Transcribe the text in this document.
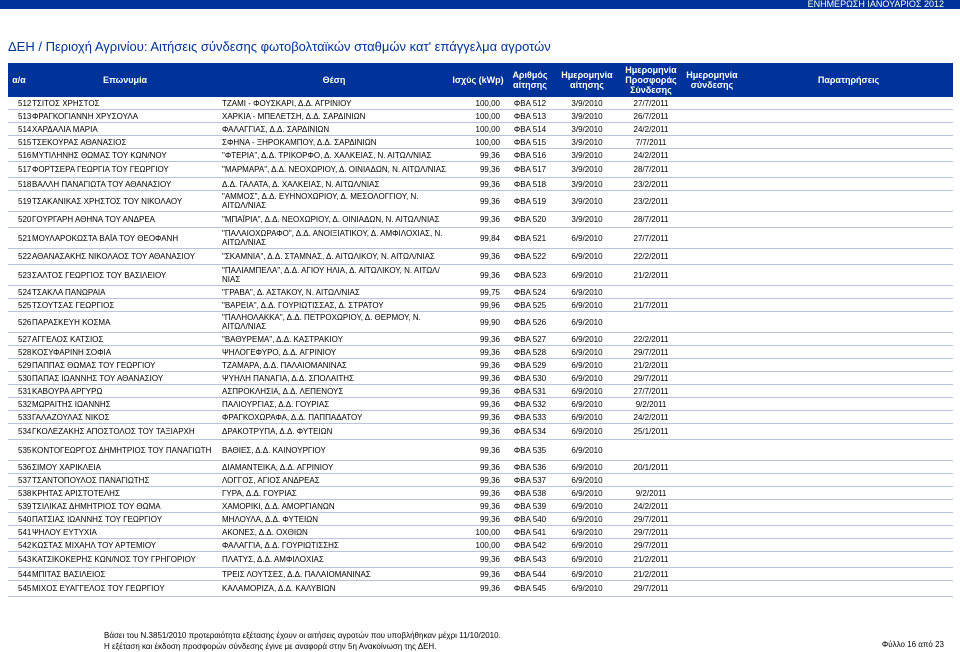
ΕΝΗΜΕΡΩΣΗ ΙΑΝΟΥΑΡΙΟΣ 2012
ΔΕΗ / Περιοχή Αγρινίου: Αιτήσεις σύνδεσης φωτοβολταϊκών σταθμών κατ' επάγγελμα αγροτών
α/α	Επωνυμία	Θέση	Ισχύς (kWp)	Αριθμός αίτησης	Ημερομηνία αίτησης	Ημερομηνία Προσφοράς Σύνδεσης	Ημερομηνία σύνδεσης	Παρατηρήσεις
512	ΤΣΙΤΟΣ ΧΡΗΣΤΟΣ	ΤΖΑΜΙ - ΦΟΥΣΚΑΡΙ, Δ.Δ. ΑΓΡΙΝΙΟΥ	100,00	ΦΒΑ 512	3/9/2010	27/7/2011		
513	ΦΡΑΓΚΟΓΙΑΝΝΗ ΧΡΥΣΟΥΛΑ	ΧΑΡΚΙΑ - ΜΠΕΛΕΤΣΗ, Δ.Δ. ΣΑΡΔΙΝΙΩΝ	100,00	ΦΒΑ 513	3/9/2010	26/7/2011		
514	ΧΑΡΔΑΛΙΑ ΜΑΡΙΑ	ΦΑΛΑΓΓΙΑΣ, Δ.Δ. ΣΑΡΔΙΝΙΩΝ	100,00	ΦΒΑ 514	3/9/2010	24/2/2011		
515	ΤΣΕΚΟΥΡΑΣ ΑΘΑΝΑΣΙΟΣ	ΣΦΗΝΑ - ΞΗΡΟΚΑΜΠΟΥ, Δ.Δ. ΣΑΡΔΙΝΙΩΝ	100,00	ΦΒΑ 515	3/9/2010	7/7/2011		
516	ΜΥΤΙΛΗΝΗΣ ΘΩΜΑΣ ΤΟΥ ΚΩΝ/ΝΟΥ	"ΦΤΕΡΙΑ", Δ.Δ. ΤΡΙΚΟΡΦΟ, Δ. ΧΑΛΚΕΙΑΣ, Ν. ΑΙΤΩΛ/ΝΙΑΣ	99,36	ΦΒΑ 516	3/9/2010	24/2/2011		
517	ΦΟΡΤΣΕΡΑ ΓΕΩΡΓΙΑ ΤΟΥ ΓΕΩΡΓΙΟΥ	"ΜΑΡΜΑΡΑ", Δ.Δ. ΝΕΟΧΩΡΙΟΥ, Δ. ΟΙΝΙΑΔΩΝ, Ν. ΑΙΤΩΛ/ΝΙΑΣ	99,36	ΦΒΑ 517	3/9/2010	28/7/2011		
518	ΒΑΛΛΗ ΠΑΝΑΓΙΩΤΑ ΤΟΥ ΑΘΑΝΑΣΙΟΥ	Δ.Δ. ΓΑΛΑΤΑ, Δ. ΧΑΛΚΕΙΑΣ, Ν. ΑΙΤΩΛ/ΝΙΑΣ	99,36	ΦΒΑ 518	3/9/2010	23/2/2011		
519	ΤΣΑΚΑΝΙΚΑΣ ΧΡΗΣΤΟΣ ΤΟΥ ΝΙΚΟΛΑΟΥ	"ΑΜΜΟΣ", Δ.Δ. ΕΥΗΝΟΧΩΡΙΟΥ, Δ. ΜΕΣΟΛΟΓΓΙΟΥ, Ν. ΑΙΤΩΛ/ΝΙΑΣ	99,36	ΦΒΑ 519	3/9/2010	23/2/2011		
520	ΓΟΥΡΓΑΡΗ ΑΘΗΝΑ ΤΟΥ ΑΝΔΡΕΑ	"ΜΠΑΪΡΙΑ", Δ.Δ. ΝΕΟΧΩΡΙΟΥ, Δ. ΟΙΝΙΑΔΩΝ, Ν. ΑΙΤΩΛ/ΝΙΑΣ	99,36	ΦΒΑ 520	3/9/2010	28/7/2011		
521	ΜΟΥΛΑΡΟΚΩΣΤΑ ΒΑΪΑ ΤΟΥ ΘΕΟΦΑΝΗ	"ΠΑΛΑΙΟΧΩΡΑΦΟ", Δ.Δ. ΑΝΟΙΞΙΑΤΙΚΟΥ, Δ. ΑΜΦΙΛΟΧΙΑΣ, Ν. ΑΙΤΩΛ/ΝΙΑΣ	99,84	ΦΒΑ 521	6/9/2010	27/7/2011		
522	ΑΘΑΝΑΣΑΚΗΣ ΝΙΚΟΛΑΟΣ ΤΟΥ ΑΘΑΝΑΣΙΟΥ	"ΣΚΑΜΝΙΑ", Δ.Δ. ΣΤΑΜΝΑΣ, Δ. ΑΙΤΩΛΙΚΟΥ, Ν. ΑΙΤΩΛ/ΝΙΑΣ	99,36	ΦΒΑ 522	6/9/2010	22/2/2011		
523	ΣΑΛΤΟΣ ΓΕΩΡΓΙΟΣ ΤΟΥ ΒΑΣΙΛΕΙΟΥ	"ΠΑΛΙΑΜΠΕΛΑ", Δ.Δ. ΑΓΙΟΥ ΗΛΙΑ, Δ. ΑΙΤΩΛΙΚΟΥ, Ν. ΑΙΤΩΛ/ΝΙΑΣ	99,36	ΦΒΑ 523	6/9/2010	21/2/2011		
524	ΤΣΑΚΛΑ ΠΑΝΩΡΑΙΑ	"ΓΡΑΒΑ", Δ. ΑΣΤΑΚΟΥ, Ν. ΑΙΤΩΛ/ΝΙΑΣ	99,75	ΦΒΑ 524	6/9/2010			
525	ΤΣΟΥΤΣΑΣ ΓΕΩΡΓΙΟΣ	"ΒΑΡΕΙΑ", Δ.Δ. ΓΟΥΡΙΩΤΙΣΣΑΣ, Δ. ΣΤΡΑΤΟΥ	99,96	ΦΒΑ 525	6/9/2010	21/7/2011		
526	ΠΑΡΑΣΚΕΥΗ ΚΟΣΜΑ	"ΠΑΛΗΟΛΑΚΚΑ", Δ.Δ. ΠΕΤΡΟΧΩΡΙΟΥ, Δ. ΘΕΡΜΟΥ, Ν. ΑΙΤΩΛ/ΝΙΑΣ	99,90	ΦΒΑ 526	6/9/2010			
527	ΑΓΓΕΛΟΣ ΚΑΤΣΙΟΣ	"ΒΑΘΥΡΕΜΑ", Δ.Δ. ΚΑΣΤΡΑΚΙΟΥ	99,36	ΦΒΑ 527	6/9/2010	22/2/2011		
528	ΚΟΣΥΦΑΡΙΝΗ ΣΟΦΙΑ	ΨΗΛΟΓΕΦΥΡΟ, Δ.Δ. ΑΓΡΙΝΙΟΥ	99,36	ΦΒΑ 528	6/9/2010	29/7/2011		
529	ΠΑΠΠΑΣ ΘΩΜΑΣ ΤΟΥ ΓΕΩΡΓΙΟΥ	ΤΖΑΜΑΡΑ, Δ.Δ. ΠΑΛΑΙΟΜΑΝΙΝΑΣ	99,36	ΦΒΑ 529	6/9/2010	21/2/2011		
530	ΠΑΠΑΣ ΙΩΑΝΝΗΣ ΤΟΥ ΑΘΑΝΑΣΙΟΥ	ΨΥΗΛΗ ΠΑΝΑΓΙΑ, Δ.Δ. ΣΠΟΛΑΙΤΗΣ	99,36	ΦΒΑ 530	6/9/2010	29/7/2011		
531	ΚΑΒΟΥΡΑ ΑΡΓΥΡΩ	ΑΣΠΡΟΚΛΗΣΙΑ, Δ.Δ. ΛΕΠΕΝΟΥΣ	99,36	ΦΒΑ 531	6/9/2010	27/7/2011		
532	ΜΩΡΑΙΤΗΣ ΙΩΑΝΝΗΣ	ΠΑΛΙΟΥΡΓΙΑΣ, Δ.Δ. ΓΟΥΡΙΑΣ	99,36	ΦΒΑ 532	6/9/2010	9/2/2011		
533	ΓΑΛΑΖΟΥΛΑΣ ΝΙΚΟΣ	ΦΡΑΓΚΟΧΩΡΑΦΑ, Δ.Δ. ΠΑΠΠΑΔΑΤΟΥ	99,36	ΦΒΑ 533	6/9/2010	24/2/2011		
534	ΓΚΟΛΕΖΑΚΗΣ ΑΠΟΣΤΟΛΟΣ ΤΟΥ ΤΑΞΙΑΡΧΗ	ΔΡΑΚΟΤΡΥΠΑ, Δ.Δ. ΦΥΤΕΙΩΝ	99,36	ΦΒΑ 534	6/9/2010	25/1/2011		
535	ΚΟΝΤΟΓΕΩΡΓΟΣ ΔΗΜΗΤΡΙΟΣ ΤΟΥ ΠΑΝΑΓΙΩΤΗ	ΒΑΘΙΕΣ, Δ.Δ. ΚΑΙΝΟΥΡΓΙΟΥ	99,36	ΦΒΑ 535	6/9/2010			
536	ΣΙΜΟΥ ΧΑΡΙΚΛΕΙΑ	ΔΙΑΜΑΝΤΕΙΚΑ, Δ.Δ. ΑΓΡΙΝΙΟΥ	99,36	ΦΒΑ 536	6/9/2010	20/1/2011		
537	ΤΣΑΝΤΟΠΟΥΛΟΣ ΠΑΝΑΓΙΩΤΗΣ	ΛΟΓΓΟΣ, ΑΓΙΟΣ ΑΝΔΡΕΑΣ	99,36	ΦΒΑ 537	6/9/2010			
538	ΚΡΗΤΑΣ ΑΡΙΣΤΟΤΕΛΗΣ	ΓΥΡΑ, Δ.Δ. ΓΟΥΡΙΑΣ	99,36	ΦΒΑ 538	6/9/2010	9/2/2011		
539	ΤΣΙΛΙΚΑΣ ΔΗΜΗΤΡΙΟΣ ΤΟΥ ΘΩΜΑ	ΧΑΜΟΡΙΚΙ, Δ.Δ. ΑΜΟΡΓΙΑΝΩΝ	99,36	ΦΒΑ 539	6/9/2010	24/2/2011		
540	ΠΑΤΣΙΑΣ ΙΩΑΝΝΗΣ ΤΟΥ ΓΕΩΡΓΙΟΥ	ΜΗΛΟΥΛΑ, Δ.Δ. ΦΥΤΕΙΩΝ	99,36	ΦΒΑ 540	6/9/2010	29/7/2011		
541	ΨΗΛΟΥ ΕΥΤΥΧΙΑ	ΑΚΟΝΕΣ, Δ.Δ. ΟΧΘΙΩΝ	100,00	ΦΒΑ 541	6/9/2010	29/7/2011		
542	ΚΩΣΤΑΣ ΜΙΧΑΗΛ ΤΟΥ ΑΡΤΕΜΙΟΥ	ΦΑΛΑΓΓΙΑ, Δ.Δ. ΓΟΥΡΙΩΤΙΣΣΗΣ	100,00	ΦΒΑ 542	6/9/2010	29/7/2011		
543	ΚΑΤΣΙΚΟΚΕΡΗΣ ΚΩΝ/ΝΟΣ ΤΟΥ ΓΡΗΓΟΡΙΟΥ	ΠΛΑΤΥΣ, Δ.Δ. ΑΜΦΙΛΟΧΙΑΣ	99,36	ΦΒΑ 543	6/9/2010	21/2/2011		
544	ΜΠΙΤΑΣ ΒΑΣΙΛΕΙΟΣ	ΤΡΕΙΣ ΛΟΥΤΣΕΣ, Δ.Δ. ΠΑΛΑΙΟΜΑΝΙΝΑΣ	99,36	ΦΒΑ 544	6/9/2010	21/2/2011		
545	ΜΙΧΟΣ ΕΥΑΓΓΕΛΟΣ ΤΟΥ ΓΕΩΡΓΙΟΥ	ΚΑΛΑΜΟΡΙΖΑ, Δ.Δ. ΚΑΛΥΒΙΩΝ	99,36	ΦΒΑ 545	6/9/2010	29/7/2011		
Βάσει του Ν.3851/2010 προτεραιότητα εξέτασης έχουν οι αιτήσεις αγροτών που υποβλήθηκαν μέχρι 11/10/2010.
Η εξέταση και έκδοση προσφορών σύνδεσης έγινε με αναφορά στην 5η Ανακοίνωση της ΔΕΗ.	Φύλλο 16 από 23
